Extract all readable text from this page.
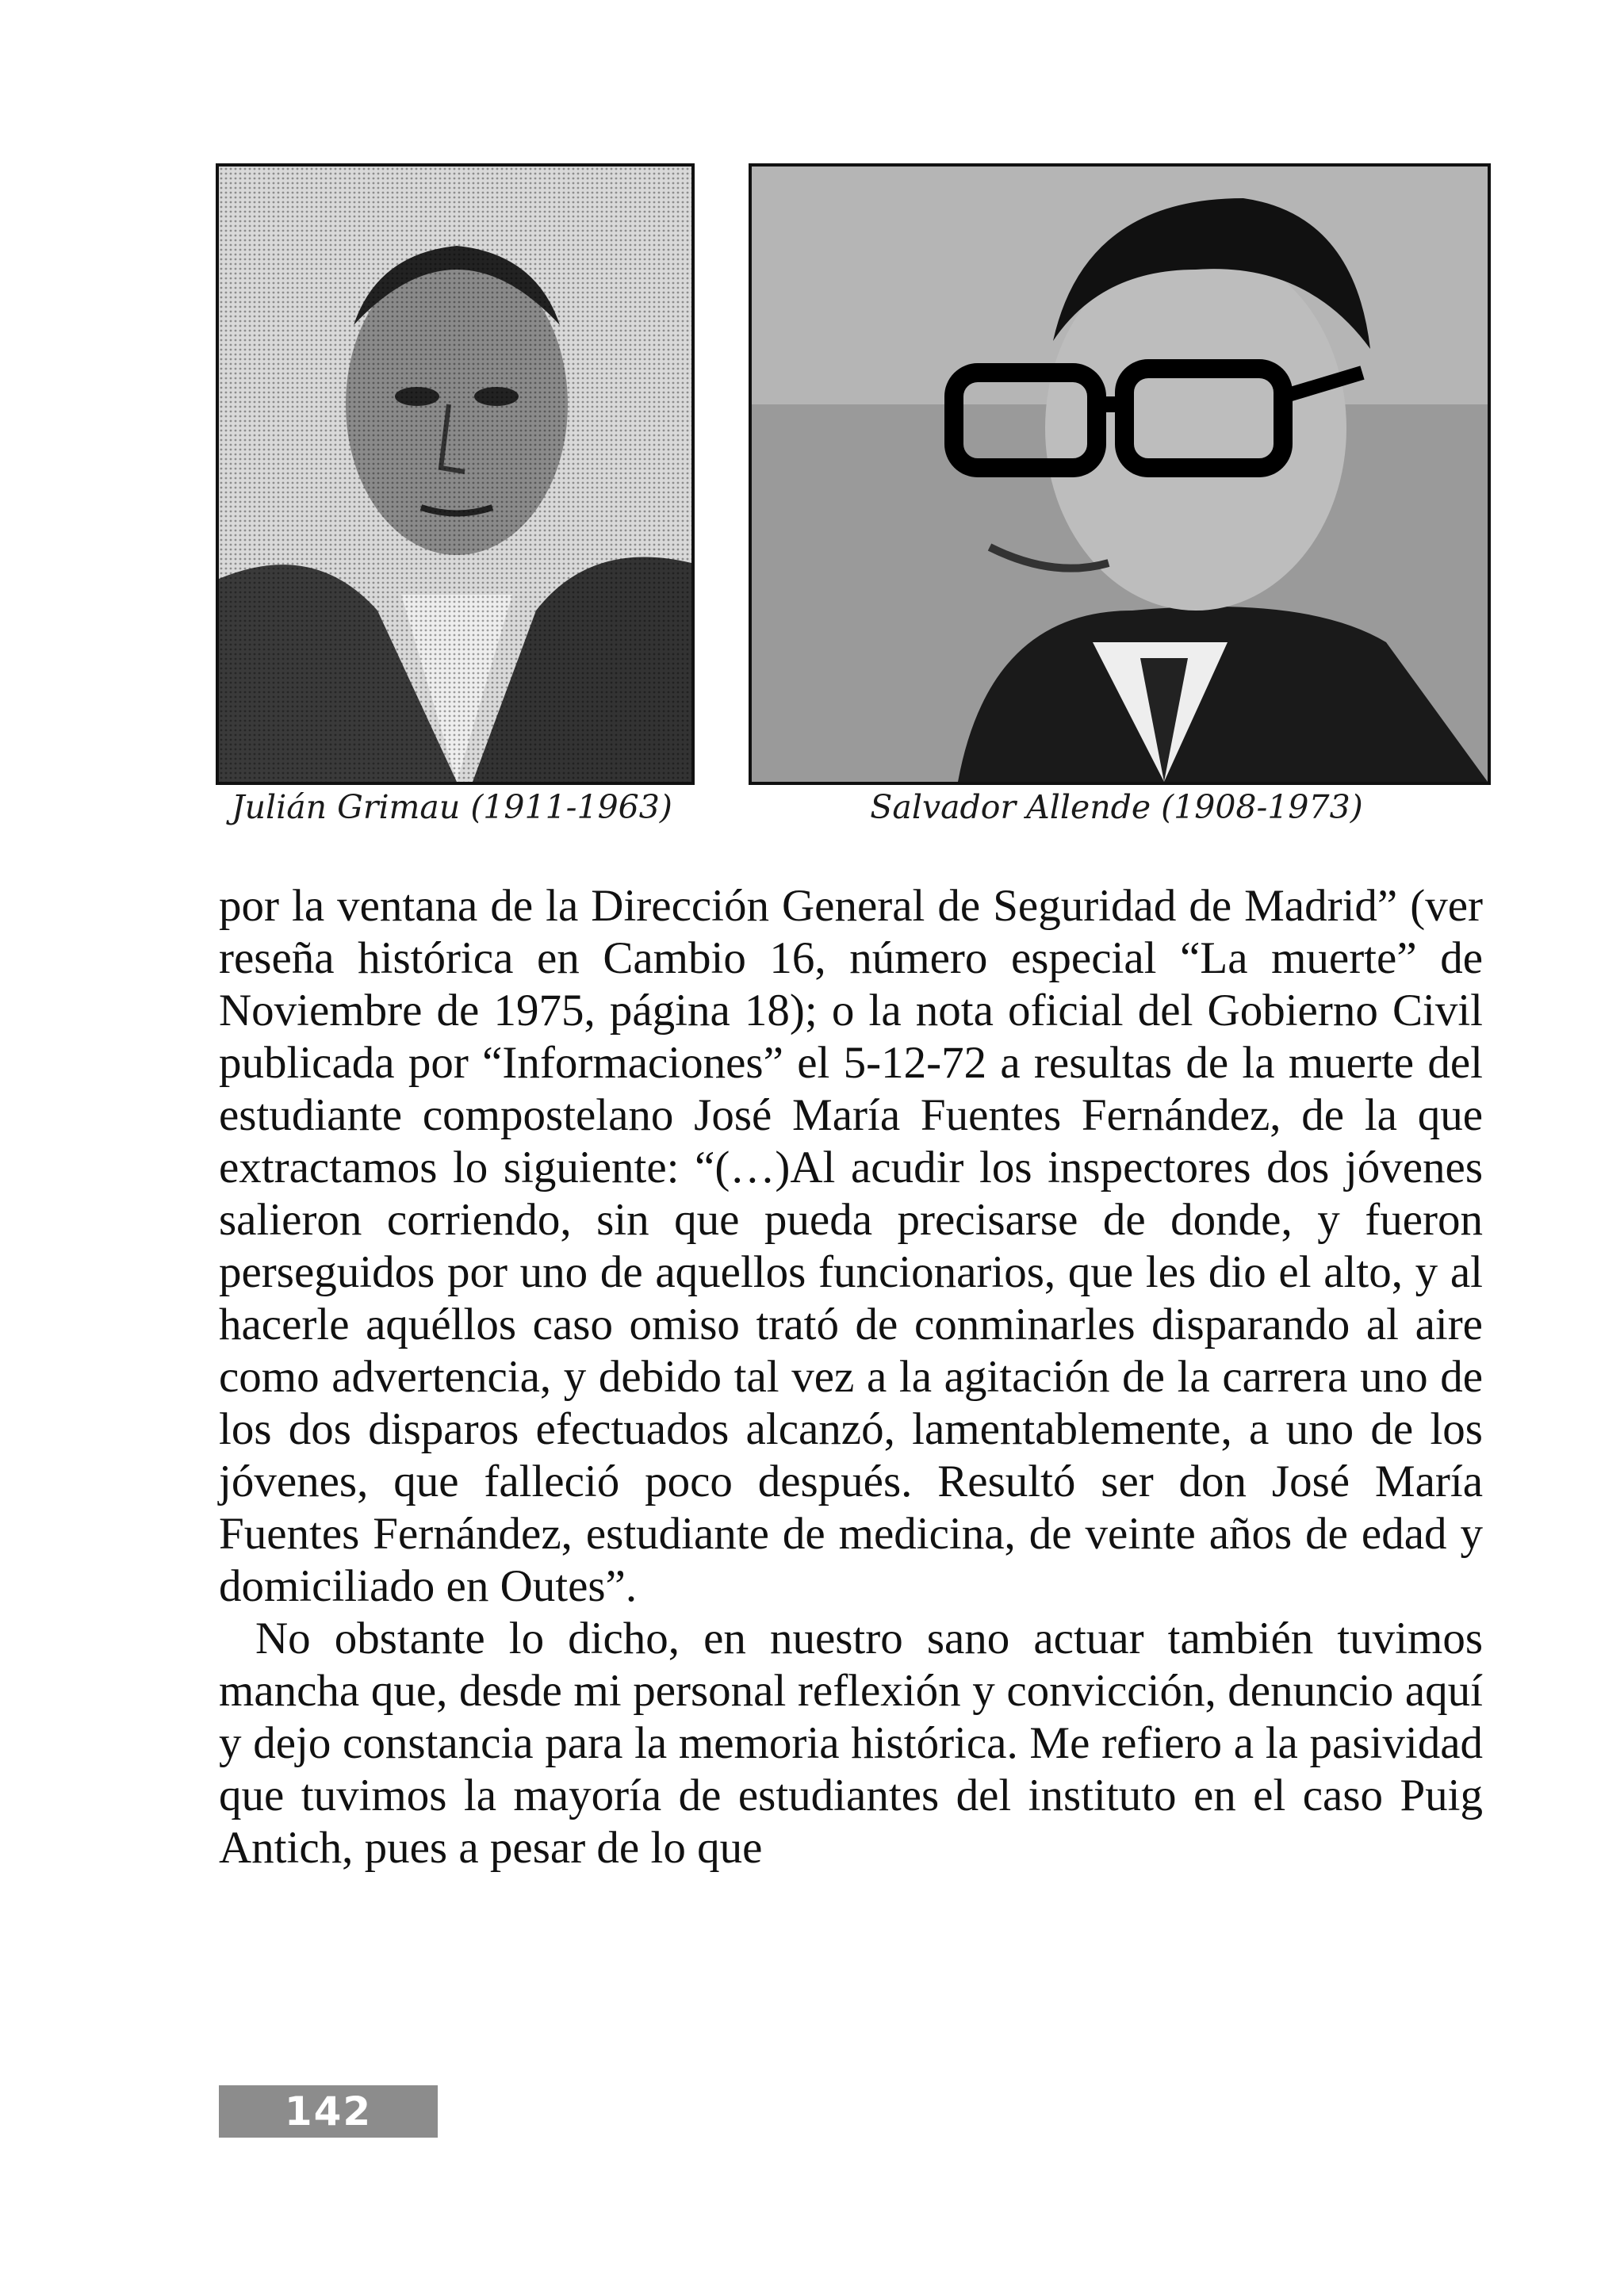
Julián Grimau (1911-1963)	Salvador Allende (1908-1973)

por la ventana de la Dirección General de Seguridad de Madrid” (ver reseña histórica en Cambio 16, número especial “La muerte” de Noviembre de 1975, página 18); o la nota oficial del Gobierno Civil publicada por “Informaciones” el 5-12-72 a resultas de la muerte del estudiante compostelano José María Fuentes Fernández, de la que extractamos lo siguiente: “(…)Al acudir los inspectores dos jóvenes salieron corriendo, sin que pueda precisarse de donde, y fueron perseguidos por uno de aquellos funcionarios, que les dio el alto, y al hacerle aquéllos caso omiso trató de conminarles disparando al aire como advertencia, y debido tal vez a la agitación de la carrera uno de los dos disparos efectuados alcanzó, lamentablemente, a uno de los jóvenes, que falleció poco después. Resultó ser don José María Fuentes Fernández, estudiante de medicina, de veinte años de edad y domiciliado en Outes”.

No obstante lo dicho, en nuestro sano actuar también tuvimos mancha que, desde mi personal reflexión y convicción, denuncio aquí y dejo constancia para la memoria histórica. Me refiero a la pasividad que tuvimos la mayoría de estudiantes del instituto en el caso Puig Antich, pues a pesar de lo que

142
